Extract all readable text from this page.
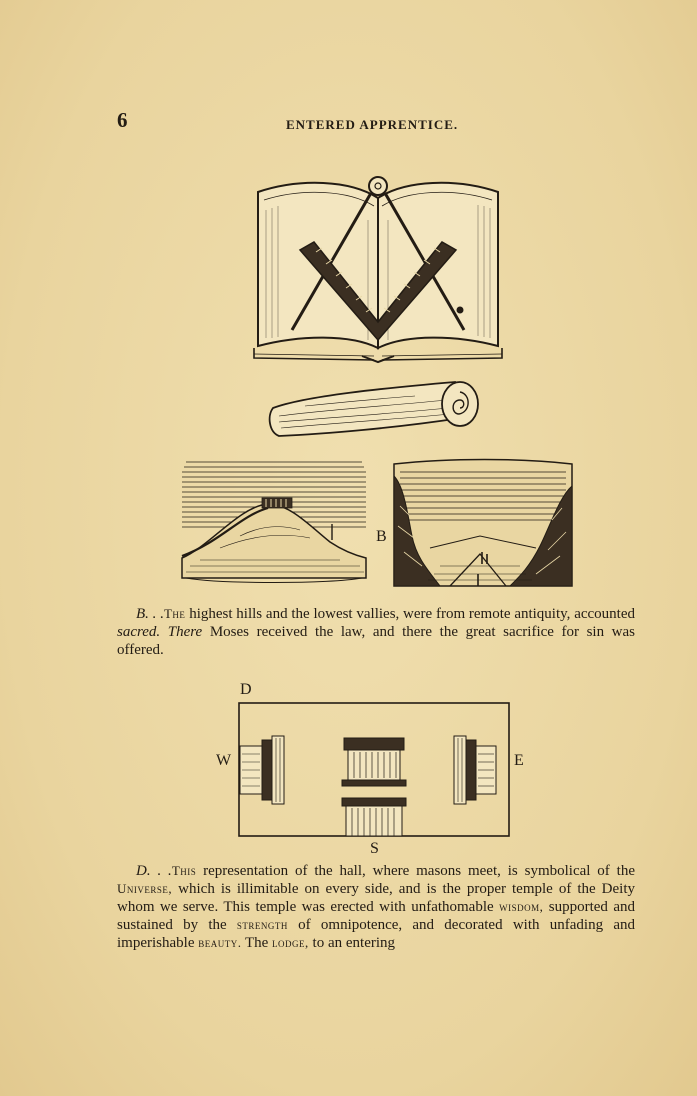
6	ENTERED APPRENTICE.
B

B. . .The highest hills and the lowest vallies, were from remote antiquity, accounted sacred. There Moses received the law, and there the great sacrifice for sin was offered.

D
W	E
S

D. . .This representation of the hall, where masons meet, is symbolical of the Universe, which is illimitable on every side, and is the proper temple of the Deity whom we serve. This temple was erected with unfathomable wisdom, supported and sustained by the strength of omnipotence, and decorated with unfading and imperishable beauty. The lodge, to an entering
